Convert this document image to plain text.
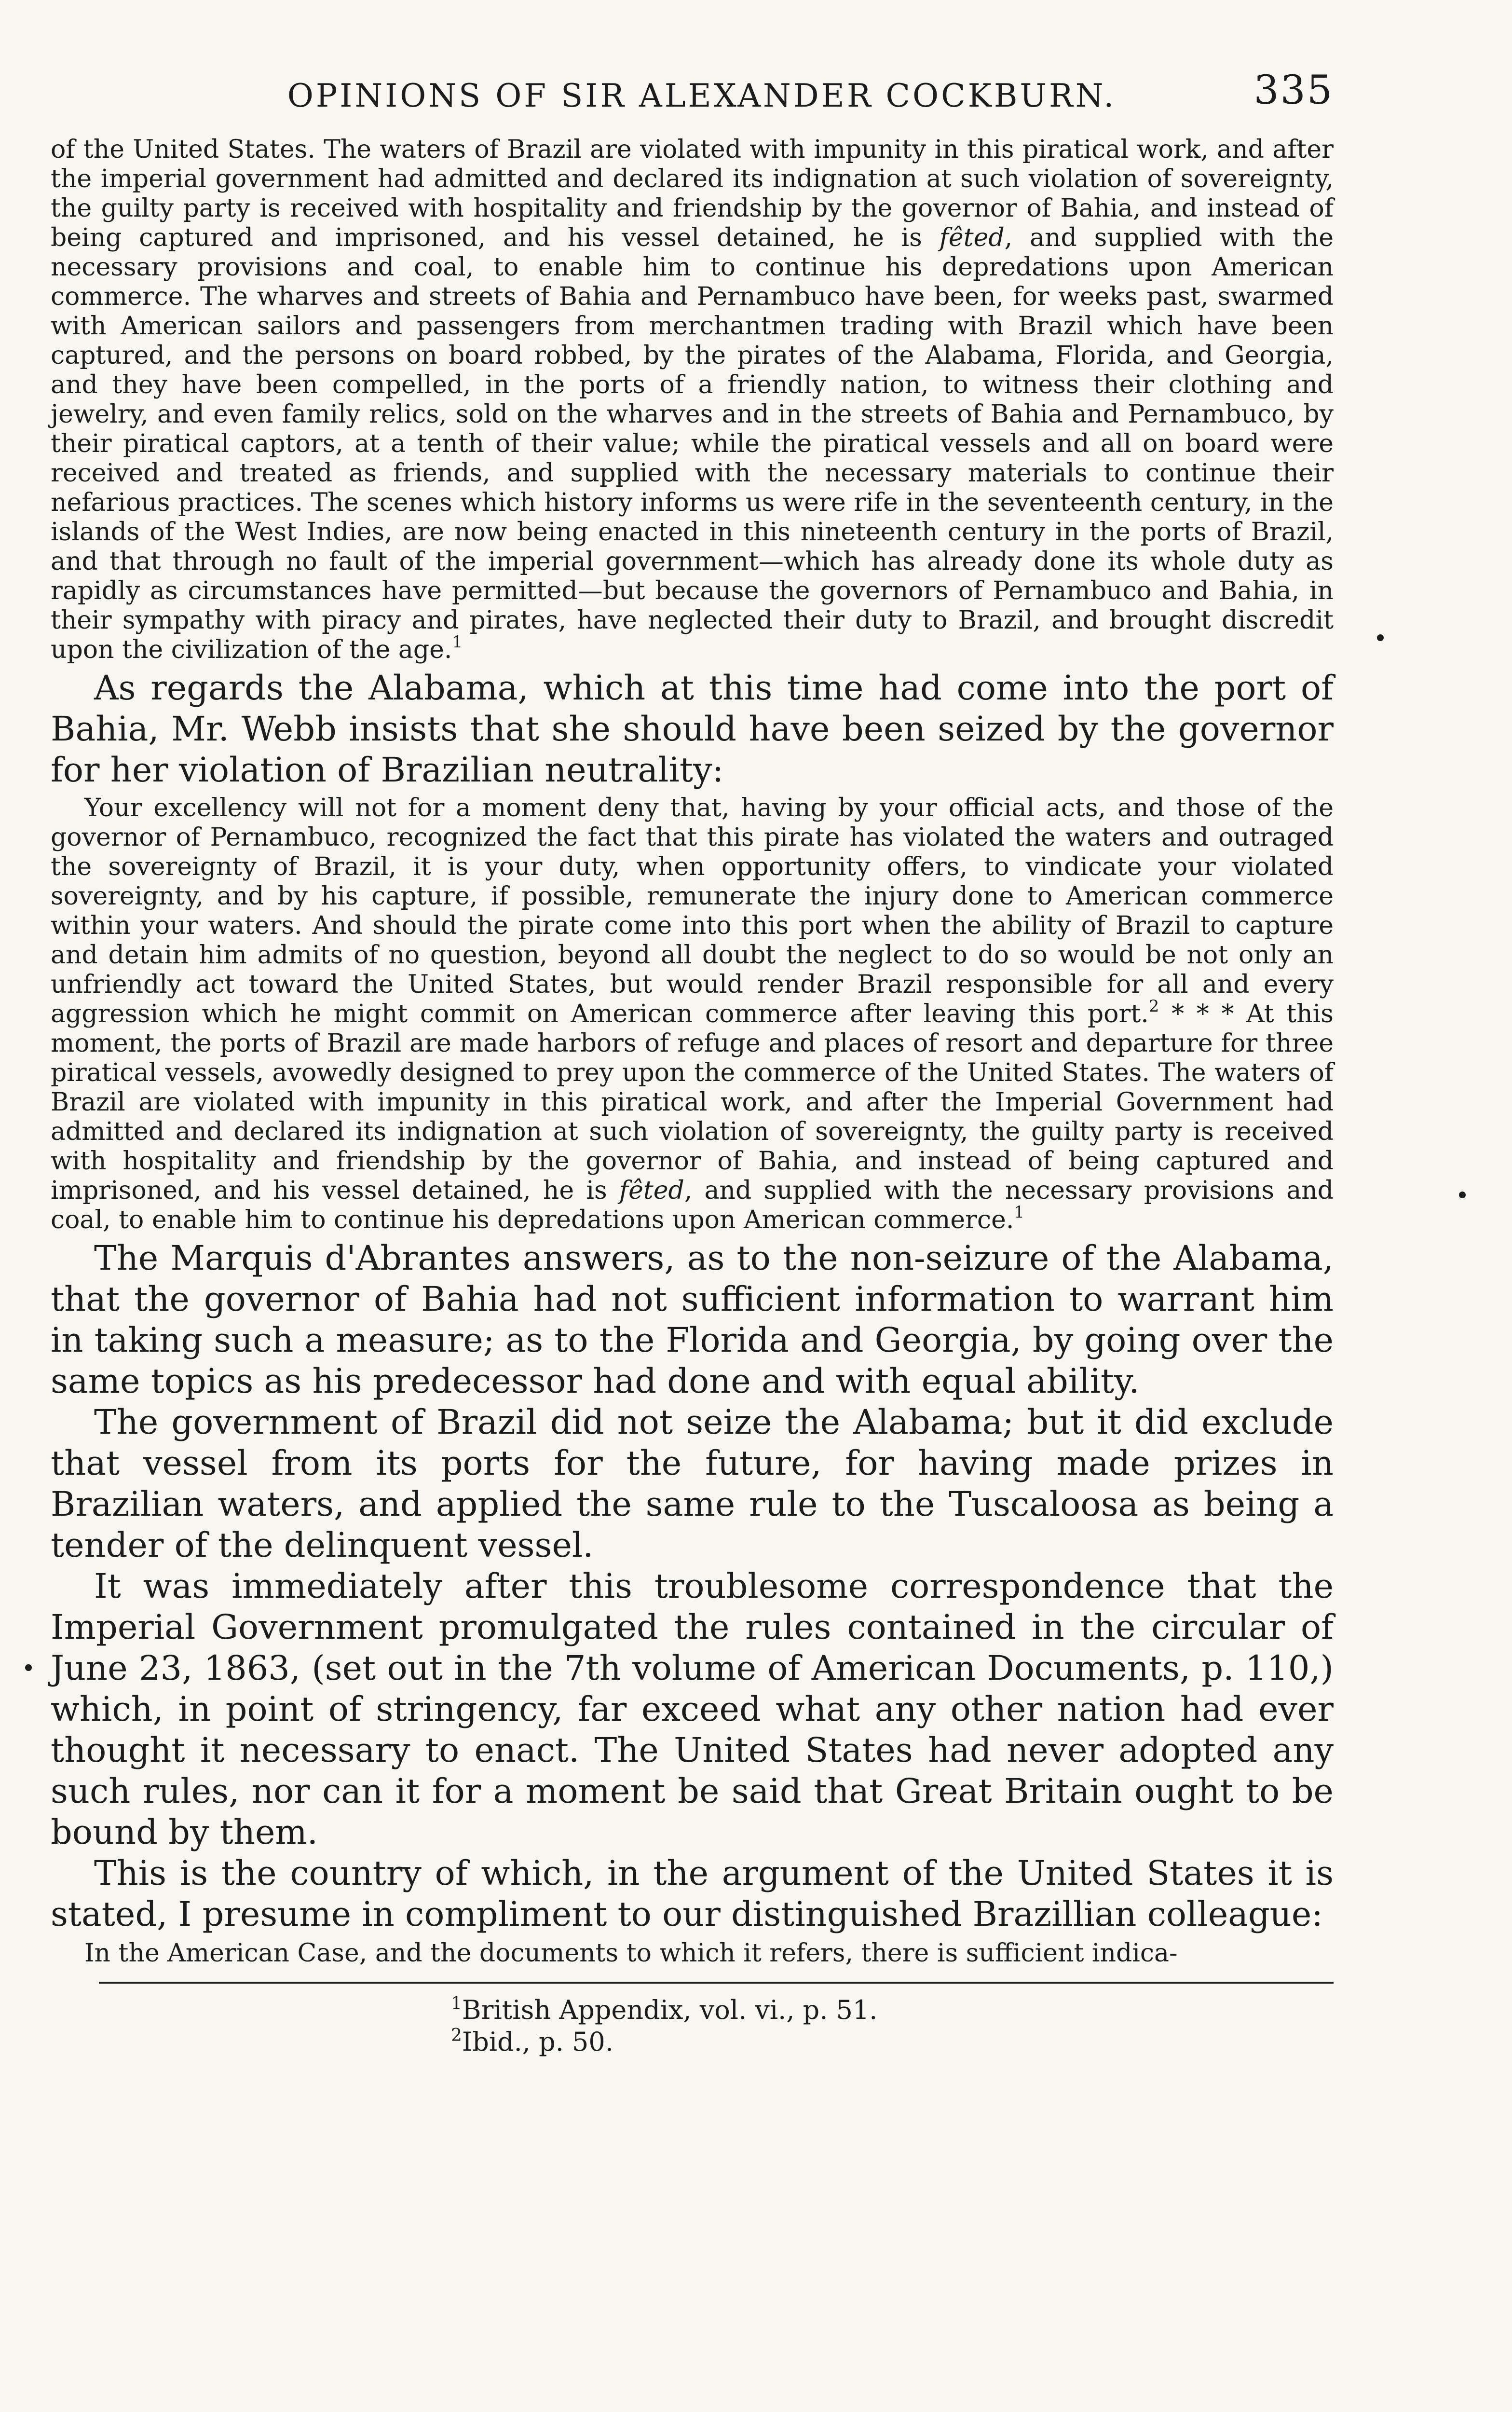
OPINIONS OF SIR ALEXANDER COCKBURN.	335

of the United States. The waters of Brazil are violated with impunity in this piratical work, and after the imperial government had admitted and declared its indignation at such violation of sovereignty, the guilty party is received with hospitality and friendship by the governor of Bahia, and instead of being captured and imprisoned, and his vessel detained, he is fêted, and supplied with the necessary provisions and coal, to enable him to continue his depredations upon American commerce. The wharves and streets of Bahia and Pernambuco have been, for weeks past, swarmed with American sailors and passengers from merchantmen trading with Brazil which have been captured, and the persons on board robbed, by the pirates of the Alabama, Florida, and Georgia, and they have been compelled, in the ports of a friendly nation, to witness their clothing and jewelry, and even family relics, sold on the wharves and in the streets of Bahia and Pernambuco, by their piratical captors, at a tenth of their value; while the piratical vessels and all on board were received and treated as friends, and supplied with the necessary materials to continue their nefarious practices. The scenes which history informs us were rife in the seventeenth century, in the islands of the West Indies, are now being enacted in this nineteenth century in the ports of Brazil, and that through no fault of the imperial government—which has already done its whole duty as rapidly as circumstances have permitted—but because the governors of Pernambuco and Bahia, in their sympathy with piracy and pirates, have neglected their duty to Brazil, and brought discredit upon the civilization of the age.$^1$

As regards the Alabama, which at this time had come into the port of Bahia, Mr. Webb insists that she should have been seized by the governor for her violation of Brazilian neutrality:

Your excellency will not for a moment deny that, having by your official acts, and those of the governor of Pernambuco, recognized the fact that this pirate has violated the waters and outraged the sovereignty of Brazil, it is your duty, when opportunity offers, to vindicate your violated sovereignty, and by his capture, if possible, remunerate the injury done to American commerce within your waters. And should the pirate come into this port when the ability of Brazil to capture and detain him admits of no question, beyond all doubt the neglect to do so would be not only an unfriendly act toward the United States, but would render Brazil responsible for all and every aggression which he might commit on American commerce after leaving this port.$^2$ * * * At this moment, the ports of Brazil are made harbors of refuge and places of resort and departure for three piratical vessels, avowedly designed to prey upon the commerce of the United States. The waters of Brazil are violated with impunity in this piratical work, and after the Imperial Government had admitted and declared its indignation at such violation of sovereignty, the guilty party is received with hospitality and friendship by the governor of Bahia, and instead of being captured and imprisoned, and his vessel detained, he is fêted, and supplied with the necessary provisions and coal, to enable him to continue his depredations upon American commerce.$^1$

The Marquis d'Abrantes answers, as to the non-seizure of the Alabama, that the governor of Bahia had not sufficient information to warrant him in taking such a measure; as to the Florida and Georgia, by going over the same topics as his predecessor had done and with equal ability.

The government of Brazil did not seize the Alabama; but it did exclude that vessel from its ports for the future, for having made prizes in Brazilian waters, and applied the same rule to the Tuscaloosa as being a tender of the delinquent vessel.

It was immediately after this troublesome correspondence that the Imperial Government promulgated the rules contained in the circular of June 23, 1863, (set out in the 7th volume of American Documents, p. 110,) which, in point of stringency, far exceed what any other nation had ever thought it necessary to enact. The United States had never adopted any such rules, nor can it for a moment be said that Great Britain ought to be bound by them.

This is the country of which, in the argument of the United States it is stated, I presume in compliment to our distinguished Brazillian colleague:

In the American Case, and the documents to which it refers, there is sufficient indica-

$^1$British Appendix, vol. vi., p. 51.

$^2$Ibid., p. 50.
